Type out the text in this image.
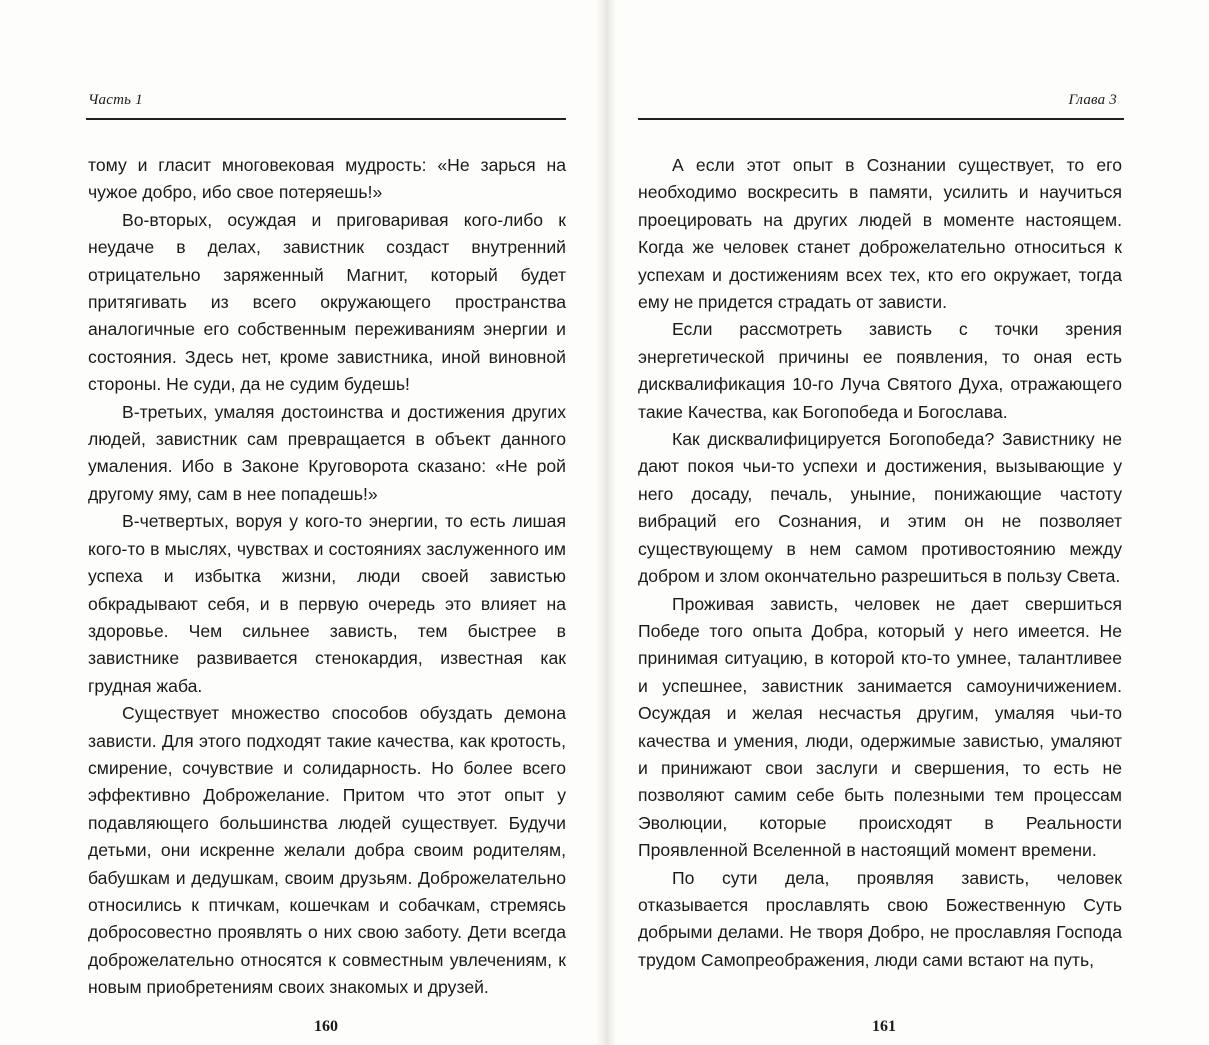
Часть 1

тому и гласит многовековая мудрость: «Не зарься на чужое добро, ибо свое потеряешь!»

Во-вторых, осуждая и приговаривая кого-либо к неудаче в делах, завистник создаст внутренний отрицательно заряженный Магнит, который будет притягивать из всего окружающего пространства аналогичные его собственным переживаниям энергии и состояния. Здесь нет, кроме завистника, иной виновной стороны. Не суди, да не судим будешь!

В-третьих, умаляя достоинства и достижения других людей, завистник сам превращается в объект данного умаления. Ибо в Законе Круговорота сказано: «Не рой другому яму, сам в нее попадешь!»

В-четвертых, воруя у кого-то энергии, то есть лишая кого-то в мыслях, чувствах и состояниях заслуженного им успеха и избытка жизни, люди своей завистью обкрадывают себя, и в первую очередь это влияет на здоровье. Чем сильнее зависть, тем быстрее в завистнике развивается стенокардия, известная как грудная жаба.

Существует множество способов обуздать демона зависти. Для этого подходят такие качества, как кротость, смирение, сочувствие и солидарность. Но более всего эффективно Доброжелание. Притом что этот опыт у подавляющего большинства людей существует. Будучи детьми, они искренне желали добра своим родителям, бабушкам и дедушкам, своим друзьям. Доброжелательно относились к птичкам, кошечкам и собачкам, стремясь добросовестно проявлять о них свою заботу. Дети всегда доброжелательно относятся к совместным увлечениям, к новым приобретениям своих знакомых и друзей.

160
Глава 3

А если этот опыт в Сознании существует, то его необходимо воскресить в памяти, усилить и научиться проецировать на других людей в моменте настоящем. Когда же человек станет доброжелательно относиться к успехам и достижениям всех тех, кто его окружает, тогда ему не придется страдать от зависти.

Если рассмотреть зависть с точки зрения энергетической причины ее появления, то оная есть дисквалификация 10-го Луча Святого Духа, отражающего такие Качества, как Богопобеда и Богослава.

Как дисквалифицируется Богопобеда? Завистнику не дают покоя чьи-то успехи и достижения, вызывающие у него досаду, печаль, уныние, понижающие частоту вибраций его Сознания, и этим он не позволяет существующему в нем самом противостоянию между добром и злом окончательно разрешиться в пользу Света.

Проживая зависть, человек не дает свершиться Победе того опыта Добра, который у него имеется. Не принимая ситуацию, в которой кто-то умнее, талантливее и успешнее, завистник занимается самоуничижением. Осуждая и желая несчастья другим, умаляя чьи-то качества и умения, люди, одержимые завистью, умаляют и принижают свои заслуги и свершения, то есть не позволяют самим себе быть полезными тем процессам Эволюции, которые происходят в Реальности Проявленной Вселенной в настоящий момент времени.

По сути дела, проявляя зависть, человек отказывается прославлять свою Божественную Суть добрыми делами. Не творя Добро, не прославляя Господа трудом Самопреображения, люди сами встают на путь,

161
